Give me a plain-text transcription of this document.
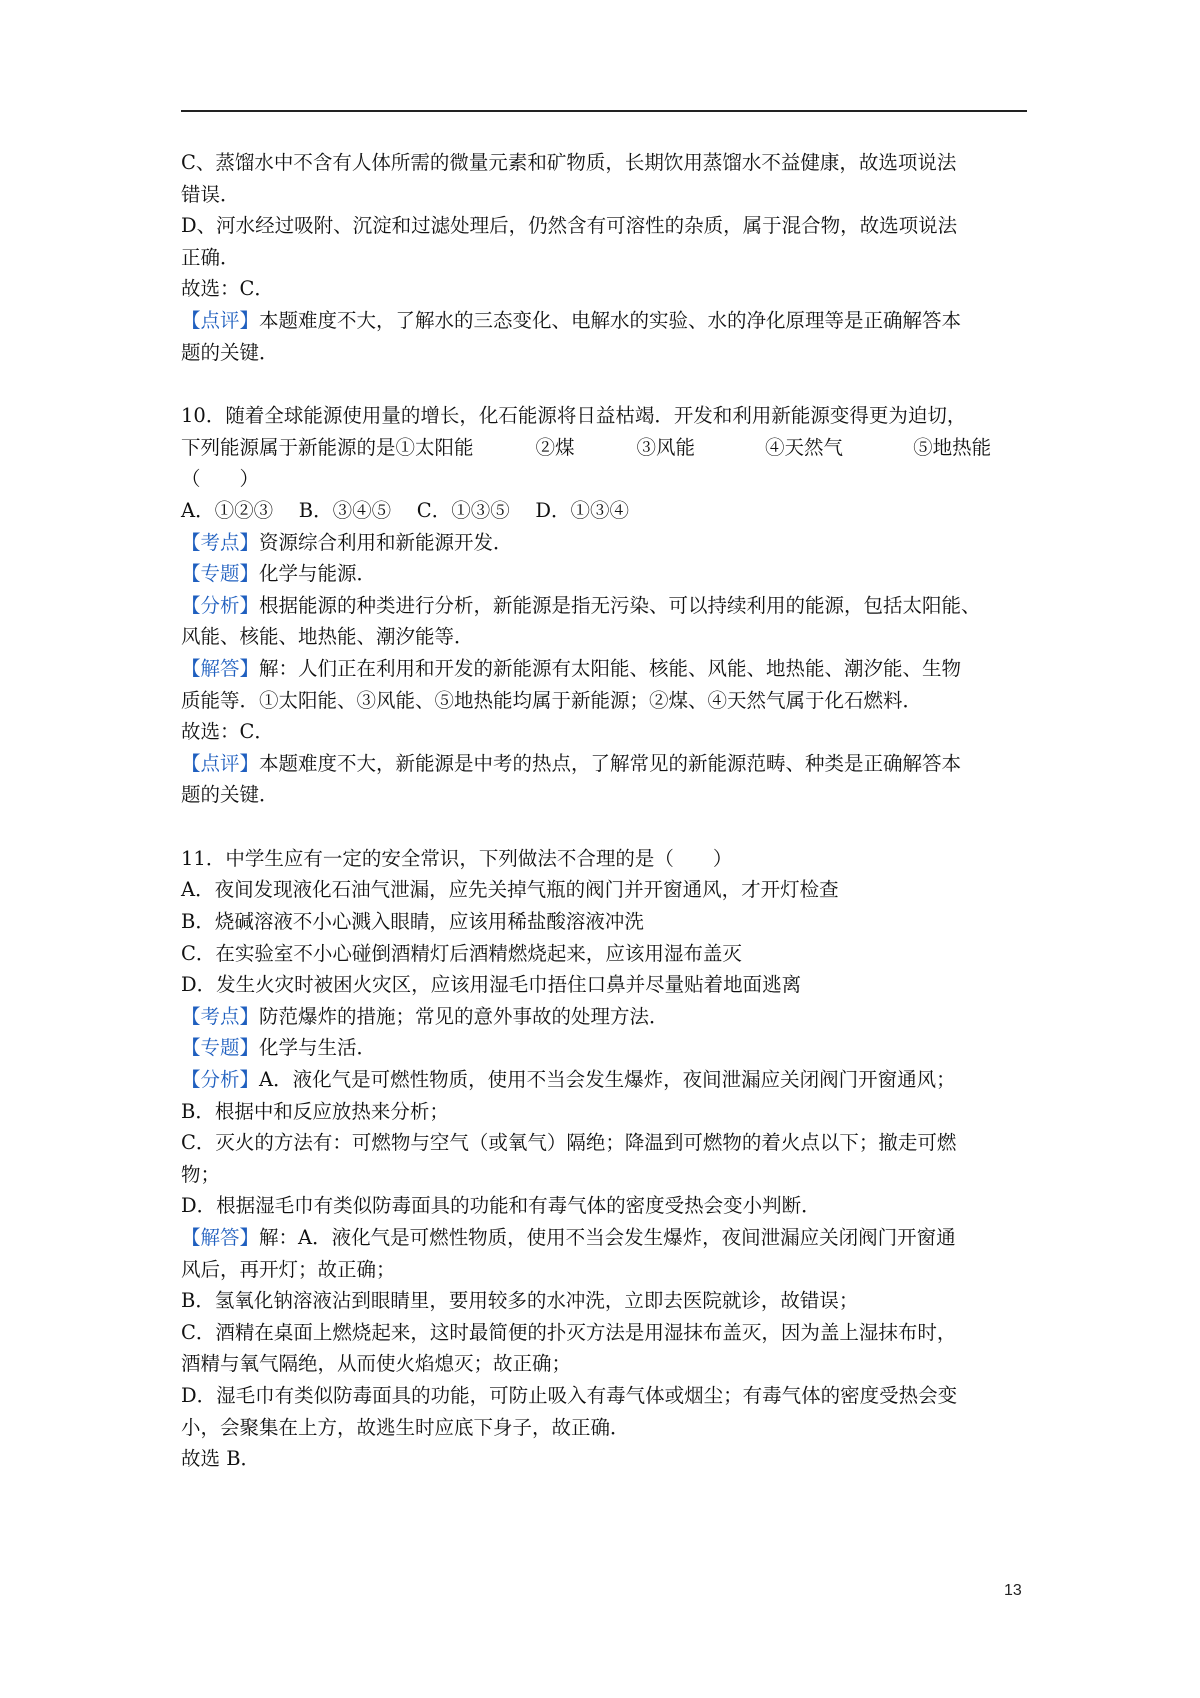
C、蒸馏水中不含有人体所需的微量元素和矿物质，长期饮用蒸馏水不益健康，故选项说法
错误．
D、河水经过吸附、沉淀和过滤处理后，仍然含有可溶性的杂质，属于混合物，故选项说法
正确．
故选：C．
【点评】本题难度不大，了解水的三态变化、电解水的实验、水的净化原理等是正确解答本
题的关键．
10．随着全球能源使用量的增长，化石能源将日益枯竭．开发和利用新能源变得更为迫切，
下列能源属于新能源的是①太阳能	②煤	③风能	④天然气	⑤地热能
（　　）
A．①②③　 B．③④⑤　 C．①③⑤　 D．①③④
【考点】资源综合利用和新能源开发．
【专题】化学与能源．
【分析】根据能源的种类进行分析，新能源是指无污染、可以持续利用的能源，包括太阳能、
风能、核能、地热能、潮汐能等．
【解答】解：人们正在利用和开发的新能源有太阳能、核能、风能、地热能、潮汐能、生物
质能等．①太阳能、③风能、⑤地热能均属于新能源；②煤、④天然气属于化石燃料．
故选：C．
【点评】本题难度不大，新能源是中考的热点，了解常见的新能源范畴、种类是正确解答本
题的关键．
11．中学生应有一定的安全常识，下列做法不合理的是（　　）
A．夜间发现液化石油气泄漏，应先关掉气瓶的阀门并开窗通风，才开灯检查
B．烧碱溶液不小心溅入眼睛，应该用稀盐酸溶液冲洗
C．在实验室不小心碰倒酒精灯后酒精燃烧起来，应该用湿布盖灭
D．发生火灾时被困火灾区，应该用湿毛巾捂住口鼻并尽量贴着地面逃离
【考点】防范爆炸的措施；常见的意外事故的处理方法．
【专题】化学与生活．
【分析】A．液化气是可燃性物质，使用不当会发生爆炸，夜间泄漏应关闭阀门开窗通风；
B．根据中和反应放热来分析；
C．灭火的方法有：可燃物与空气（或氧气）隔绝；降温到可燃物的着火点以下；撤走可燃
物；
D．根据湿毛巾有类似防毒面具的功能和有毒气体的密度受热会变小判断．
【解答】解：A．液化气是可燃性物质，使用不当会发生爆炸，夜间泄漏应关闭阀门开窗通
风后，再开灯；故正确；
B．氢氧化钠溶液沾到眼睛里，要用较多的水冲洗，立即去医院就诊，故错误；
C．酒精在桌面上燃烧起来，这时最简便的扑灭方法是用湿抹布盖灭，因为盖上湿抹布时，
酒精与氧气隔绝，从而使火焰熄灭；故正确；
D．湿毛巾有类似防毒面具的功能，可防止吸入有毒气体或烟尘；有毒气体的密度受热会变
小，会聚集在上方，故逃生时应底下身子，故正确．
故选 B．
13
